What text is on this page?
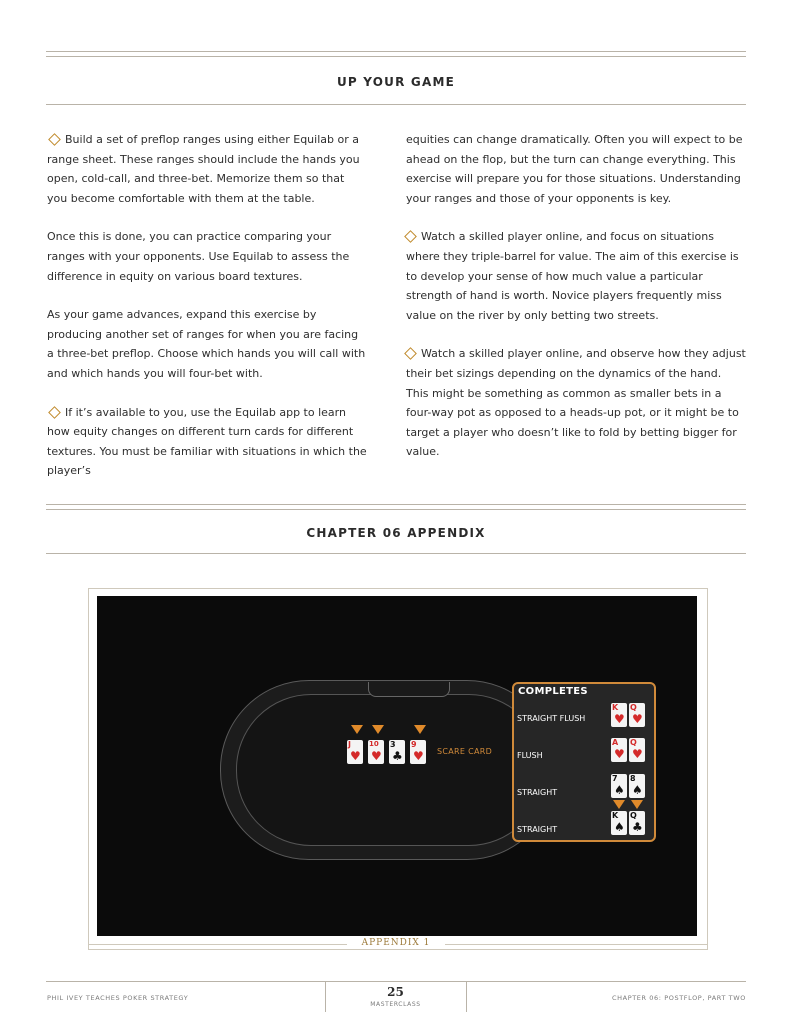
UP YOUR GAME

Build a set of preflop ranges using either Equilab or a range sheet. These ranges should include the hands you open, cold-call, and three-bet. Memorize them so that you become comfortable with them at the table.

Once this is done, you can practice comparing your ranges with your opponents. Use Equilab to assess the difference in equity on various board textures.

As your game advances, expand this exercise by producing another set of ranges for when you are facing a three-bet preflop. Choose which hands you will call with and which hands you will four-bet with.

If it’s available to you, use the Equilab app to learn how equity changes on different turn cards for different textures. You must be familiar with situations in which the player’s

equities can change dramatically. Often you will expect to be ahead on the flop, but the turn can change everything. This exercise will prepare you for those situations. Understanding your ranges and those of your opponents is key.

Watch a skilled player online, and focus on situations where they triple-barrel for value. The aim of this exercise is to develop your sense of how much value a particular strength of hand is worth. Novice players frequently miss value on the river by only betting two streets.

Watch a skilled player online, and observe how they adjust their bet sizings depending on the dynamics of the hand. This might be something as common as smaller bets in a four-way pot as opposed to a heads-up pot, or it might be to target a player who doesn’t like to fold by betting bigger for value.

CHAPTER 06 APPENDIX
J
♥
10
♥
3
♣
9
♥ SCARE CARD
COMPLETES
STRAIGHT FLUSH
K
♥
Q
♥
FLUSH
A
♥
Q
♥
STRAIGHT
7
♠
8
♠
STRAIGHT
K
♠
Q
♣
APPENDIX 1
PHIL IVEY TEACHES POKER STRATEGY	25
MASTERCLASS
CHAPTER 06: POSTFLOP, PART TWO
